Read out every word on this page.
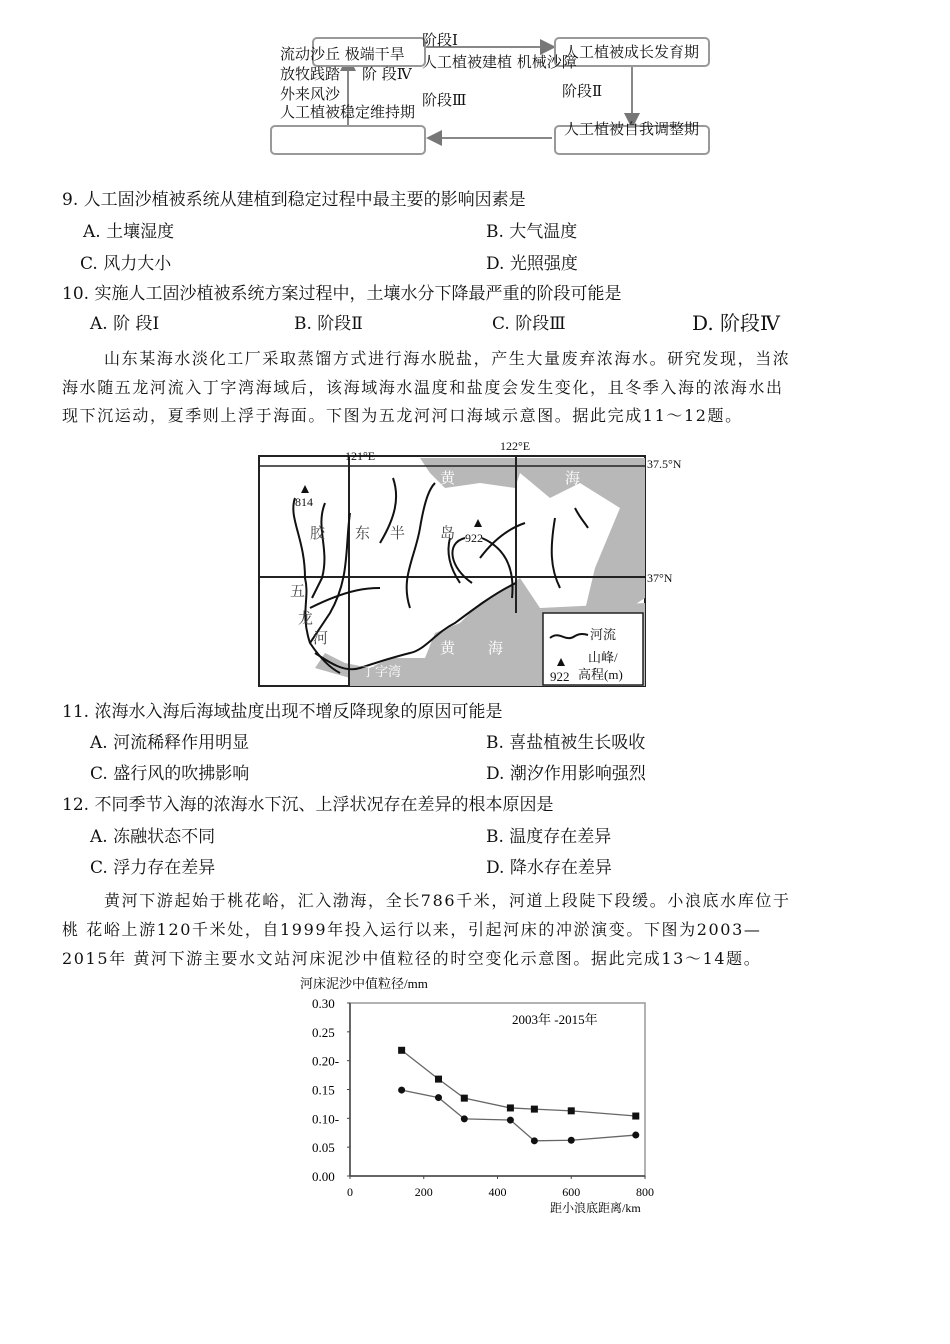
阶段Ⅰ
人工植被成长发育期
人工植被建植 机械沙障
流动沙丘 极端干旱
放牧践踏 阶 段Ⅳ
外来风沙	阶段Ⅱ
阶段Ⅲ
人工植被稳定维持期
人工植被自我调整期
9. 人工固沙植被系统从建植到稳定过程中最主要的影响因素是
A. 土壤湿度	B. 大气温度
C. 风力大小	D. 光照强度
10. 实施人工固沙植被系统方案过程中，土壤水分下降最严重的阶段可能是
A. 阶 段Ⅰ	B. 阶段Ⅱ	C. 阶段Ⅲ	D. 阶段Ⅳ
山东某海水淡化工厂采取蒸馏方式进行海水脱盐，产生大量废弃浓海水。研究发现，当浓
海水随五龙河流入丁字湾海域后，该海域海水温度和盐度会发生变化，且冬季入海的浓海水出
现下沉运动，夏季则上浮于海面。下图为五龙河河口海域示意图。据此完成11～12题。
121°E
122°E
37.5°N
37°N
814
922
胶 东 半 岛
黄	海
黄 海
五
龙
河
丁字湾
河流
922
山峰/
高程(m)
11. 浓海水入海后海域盐度出现不增反降现象的原因可能是
A. 河流稀释作用明显	B. 喜盐植被生长吸收
C. 盛行风的吹拂影响	D. 潮汐作用影响强烈
12. 不同季节入海的浓海水下沉、上浮状况存在差异的根本原因是
A. 冻融状态不同	B. 温度存在差异
C. 浮力存在差异	D. 降水存在差异
黄河下游起始于桃花峪，汇入渤海，全长786千米，河道上段陡下段缓。小浪底水库位于
桃 花峪上游120千米处，自1999年投入运行以来，引起河床的冲淤演变。下图为2003—
2015年 黄河下游主要水文站河床泥沙中值粒径的时空变化示意图。据此完成13～14题。
河床泥沙中值粒径/mm
距小浪底距离/km
2003年 -2015年
0.00
0.05
0.10-
0.15
0.20-
0.25
0.30
0	200	400	600	800
